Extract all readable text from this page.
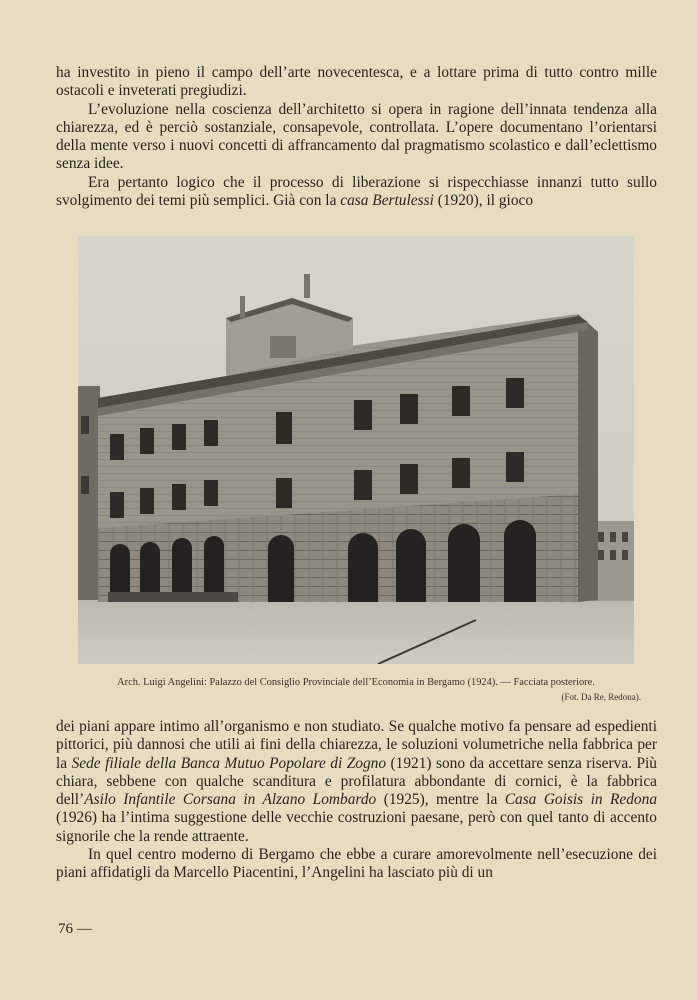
ha investito in pieno il campo dell’arte novecentesca, e a lottare prima di tutto contro mille ostacoli e inveterati pregiudizi.

L’evoluzione nella coscienza dell’architetto si opera in ragione dell’innata tendenza alla chiarezza, ed è perciò sostanziale, consapevole, controllata. L’opere documentano l’orientarsi della mente verso i nuovi concetti di affrancamento dal pragmatismo scolastico e dall’eclettismo senza idee.

Era pertanto logico che il processo di liberazione si rispecchiasse innanzi tutto sullo svolgimento dei temi più semplici. Già con la casa Bertulessi (1920), il gioco

Arch. Luigi Angelini: Palazzo del Consiglio Provinciale dell’Economia in Bergamo (1924). — Facciata posteriore.
(Fot. Da Re, Redona).

dei piani appare intimo all’organismo e non studiato. Se qualche motivo fa pensare ad espedienti pittorici, più dannosi che utili ai fini della chiarezza, le soluzioni volumetriche nella fabbrica per la Sede filiale della Banca Mutuo Popolare di Zogno (1921) sono da accettare senza riserva. Più chiara, sebbene con qualche scanditura e profilatura abbondante di cornici, è la fabbrica dell’Asilo Infantile Corsana in Alzano Lombardo (1925), mentre la Casa Goisis in Redona (1926) ha l’intima suggestione delle vecchie costruzioni paesane, però con quel tanto di accento signorile che la rende attraente.

In quel centro moderno di Bergamo che ebbe a curare amorevolmente nell’esecuzione dei piani affidatigli da Marcello Piacentini, l’Angelini ha lasciato più di un

76 —
